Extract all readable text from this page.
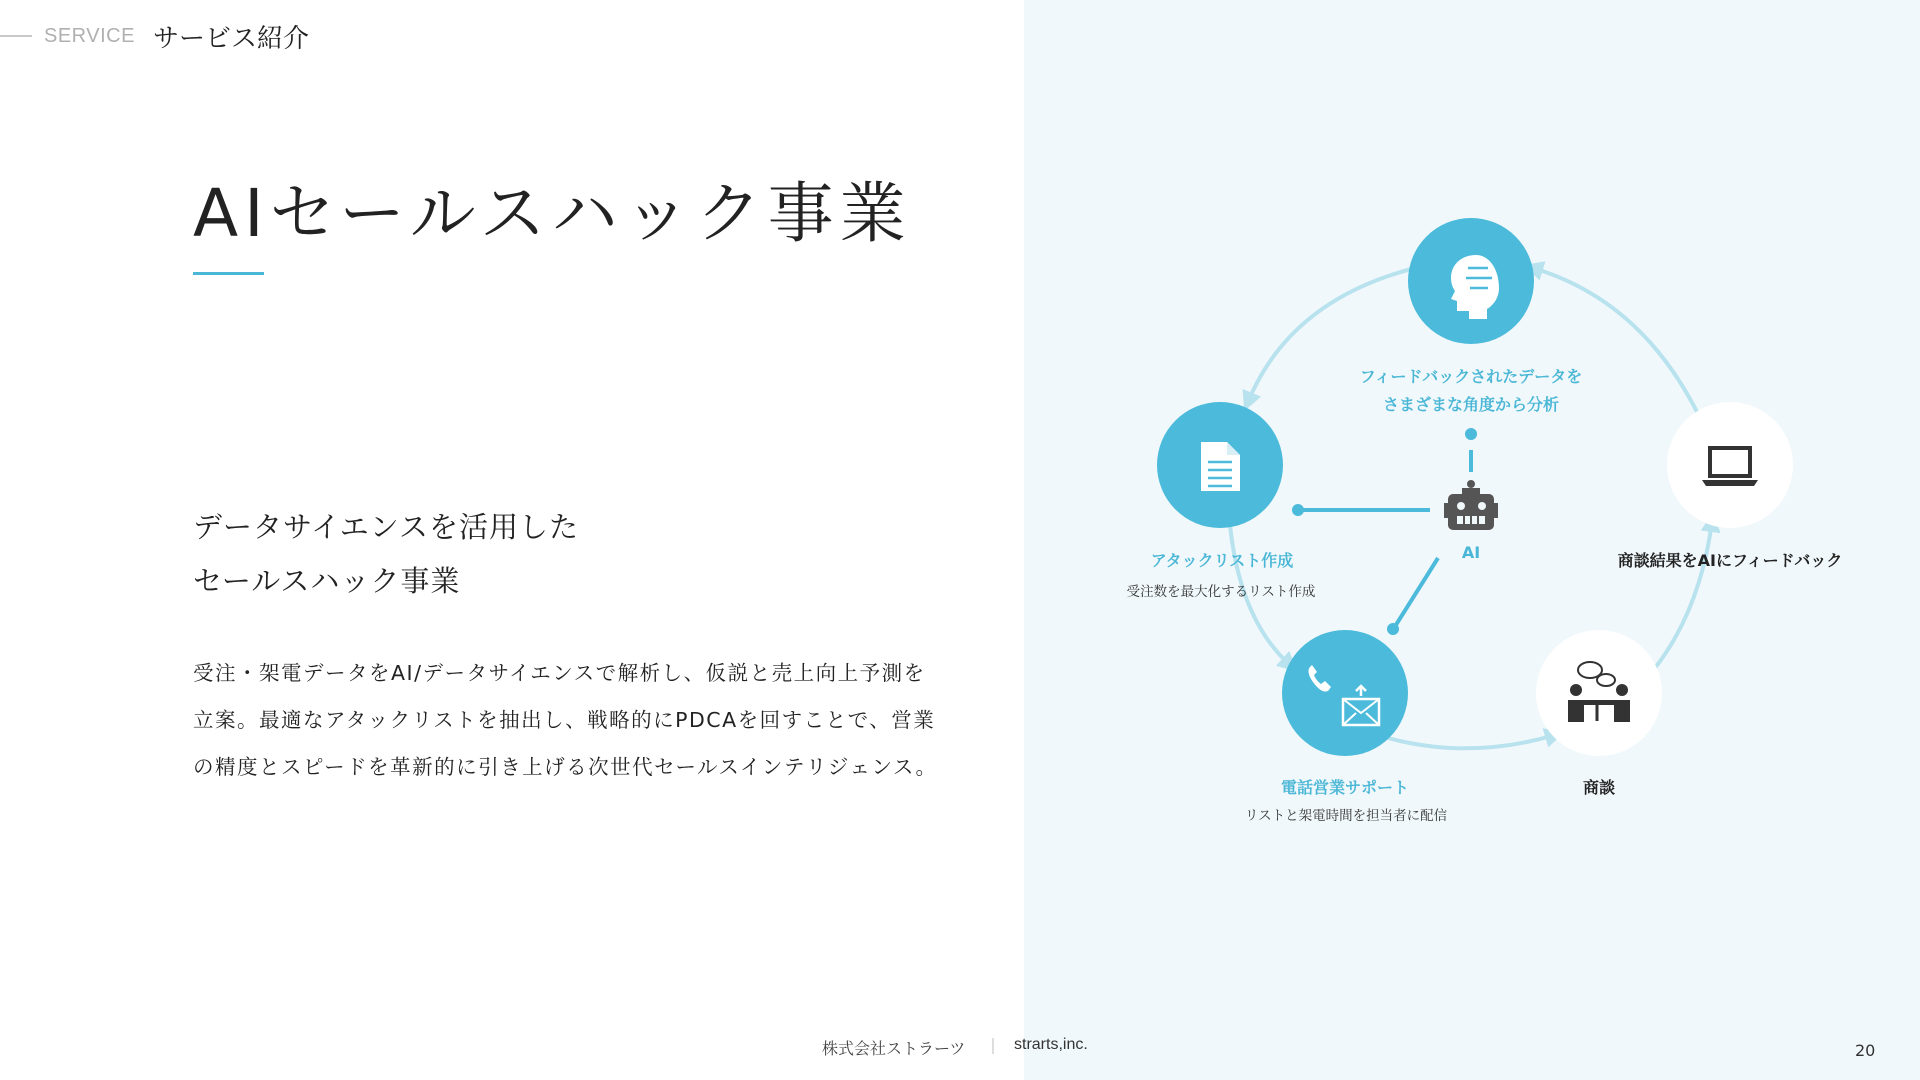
SERVICE サービス紹介
AIセールスハック事業
データサイエンスを活用した
セールスハック事業
受注・架電データをAI/データサイエンスで解析し、仮説と売上向上予測を
立案。最適なアタックリストを抽出し、戦略的にPDCAを回すことで、営業
の精度とスピードを革新的に引き上げる次世代セールスインテリジェンス。
フィードバックされたデータを
さまざまな角度から分析
アタックリスト作成
受注数を最大化するリスト作成
AI	商談結果をAIにフィードバック
電話営業サポート
リストと架電時間を担当者に配信
商談
株式会社ストラーツ ｜ strarts,inc.	20
